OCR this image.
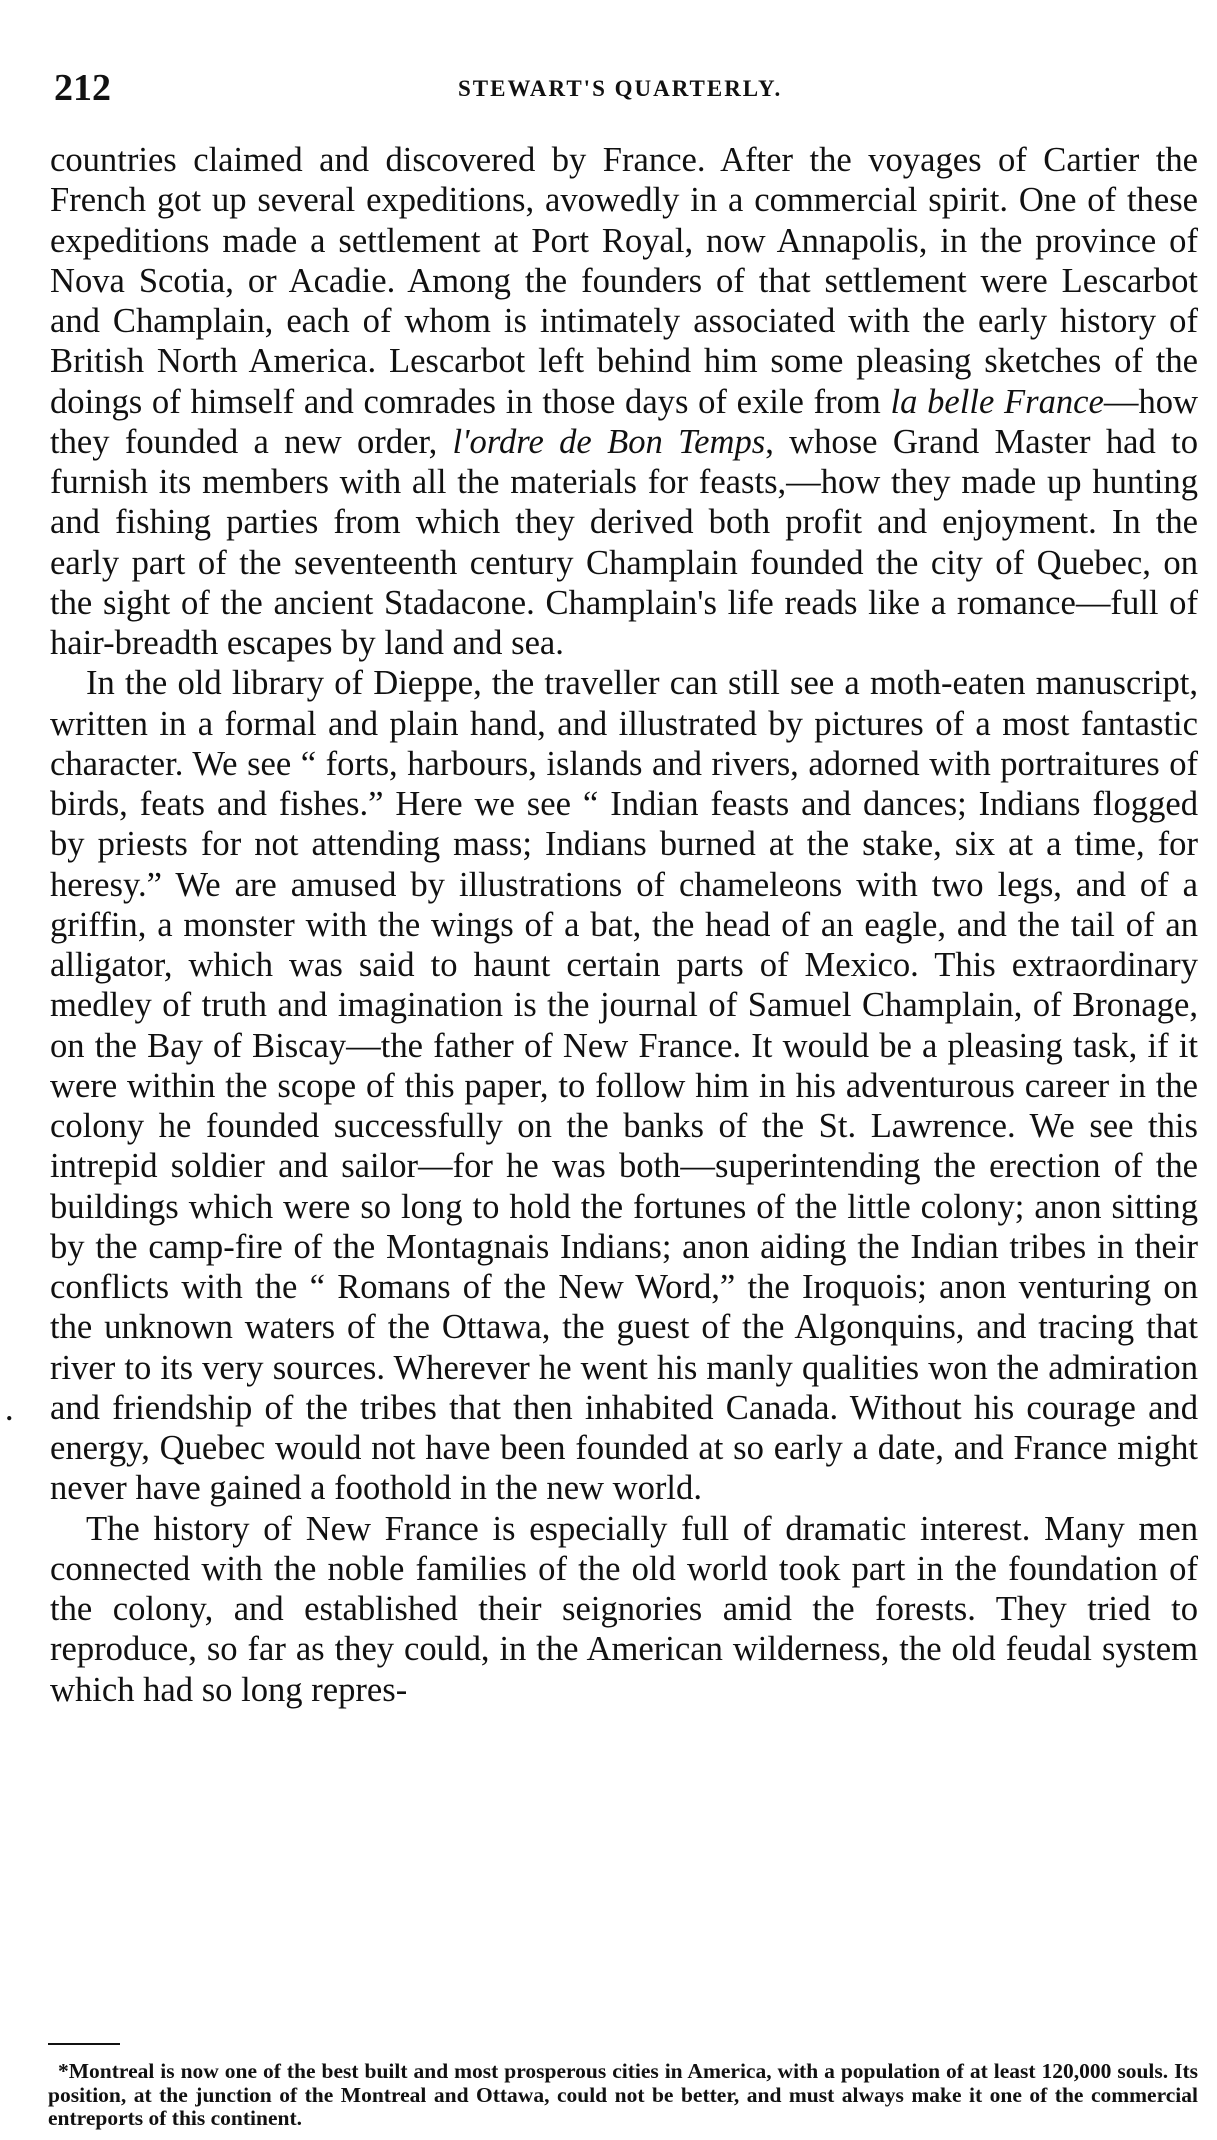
212	STEWART'S QUARTERLY.

countries claimed and discovered by France. After the voyages of Cartier the French got up several expeditions, avowedly in a commercial spirit. One of these expeditions made a settlement at Port Royal, now Annapolis, in the province of Nova Scotia, or Acadie. Among the founders of that settlement were Lescarbot and Champlain, each of whom is intimately associated with the early history of British North America. Lescarbot left behind him some pleasing sketches of the doings of himself and comrades in those days of exile from la belle France—how they founded a new order, l'ordre de Bon Temps, whose Grand Master had to furnish its members with all the materials for feasts,—how they made up hunting and fishing parties from which they derived both profit and enjoyment. In the early part of the seventeenth century Champlain founded the city of Quebec, on the sight of the ancient Stadacone. Champlain's life reads like a romance—full of hair-breadth escapes by land and sea.

In the old library of Dieppe, the traveller can still see a moth-eaten manuscript, written in a formal and plain hand, and illustrated by pictures of a most fantastic character. We see “ forts, harbours, islands and rivers, adorned with portraitures of birds, feats and fishes.” Here we see “ Indian feasts and dances; Indians flogged by priests for not attending mass; Indians burned at the stake, six at a time, for heresy.” We are amused by illustrations of chameleons with two legs, and of a griffin, a monster with the wings of a bat, the head of an eagle, and the tail of an alligator, which was said to haunt certain parts of Mexico. This extraordinary medley of truth and imagination is the journal of Samuel Champlain, of Bronage, on the Bay of Biscay—the father of New France. It would be a pleasing task, if it were within the scope of this paper, to follow him in his adventurous career in the colony he founded successfully on the banks of the St. Lawrence. We see this intrepid soldier and sailor—for he was both—superintending the erection of the buildings which were so long to hold the fortunes of the little colony; anon sitting by the camp-fire of the Montagnais Indians; anon aiding the Indian tribes in their conflicts with the “ Romans of the New Word,” the Iroquois; anon venturing on the unknown waters of the Ottawa, the guest of the Algonquins, and tracing that river to its very sources. Wherever he went his manly qualities won the admiration and friendship of the tribes that then inhabited Canada. Without his courage and energy, Quebec would not have been founded at so early a date, and France might never have gained a foothold in the new world.

The history of New France is especially full of dramatic interest. Many men connected with the noble families of the old world took part in the foundation of the colony, and established their seignories amid the forests. They tried to reproduce, so far as they could, in the American wilderness, the old feudal system which had so long repres-

*Montreal is now one of the best built and most prosperous cities in America, with a population of at least 120,000 souls. Its position, at the junction of the Montreal and Ottawa, could not be better, and must always make it one of the commercial entreports of this continent.
.
